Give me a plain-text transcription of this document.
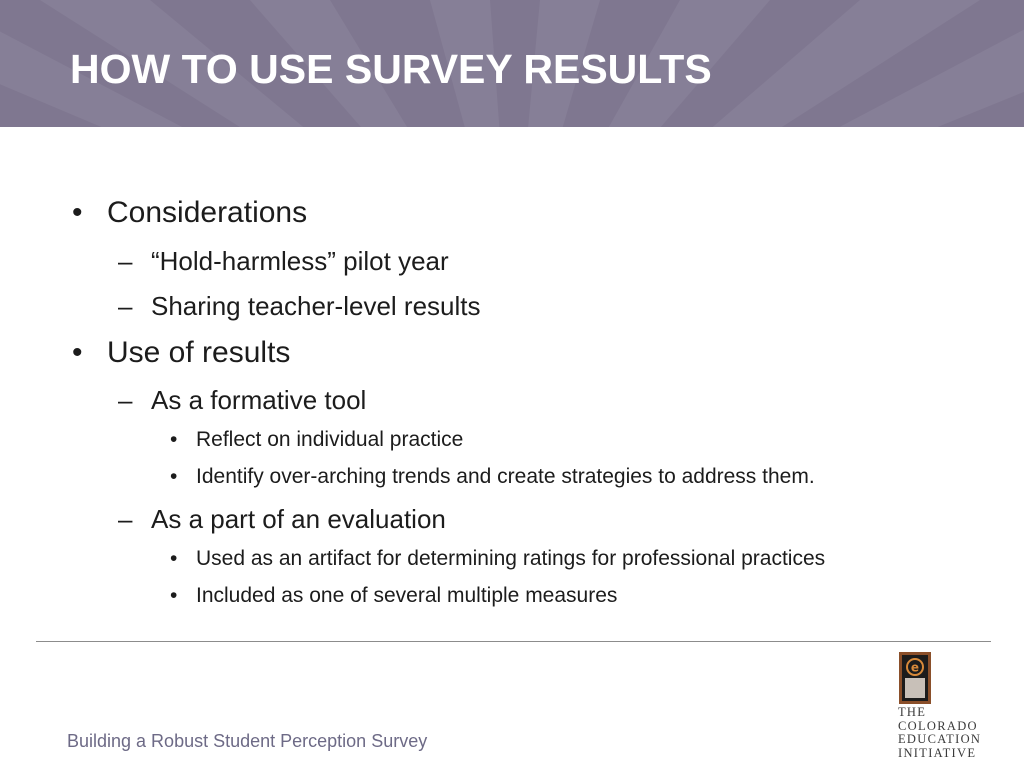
HOW TO USE SURVEY RESULTS
• Considerations
– “Hold-harmless” pilot year
– Sharing teacher-level results
• Use of results
– As a formative tool
• Reflect on individual practice
• Identify over-arching trends and create strategies to address them.
– As a part of an evaluation
• Used as an artifact for determining ratings for professional practices
• Included as one of several multiple measures
Building a Robust Student Perception Survey
e
THE
COLORADO
EDUCATION
INITIATIVE
